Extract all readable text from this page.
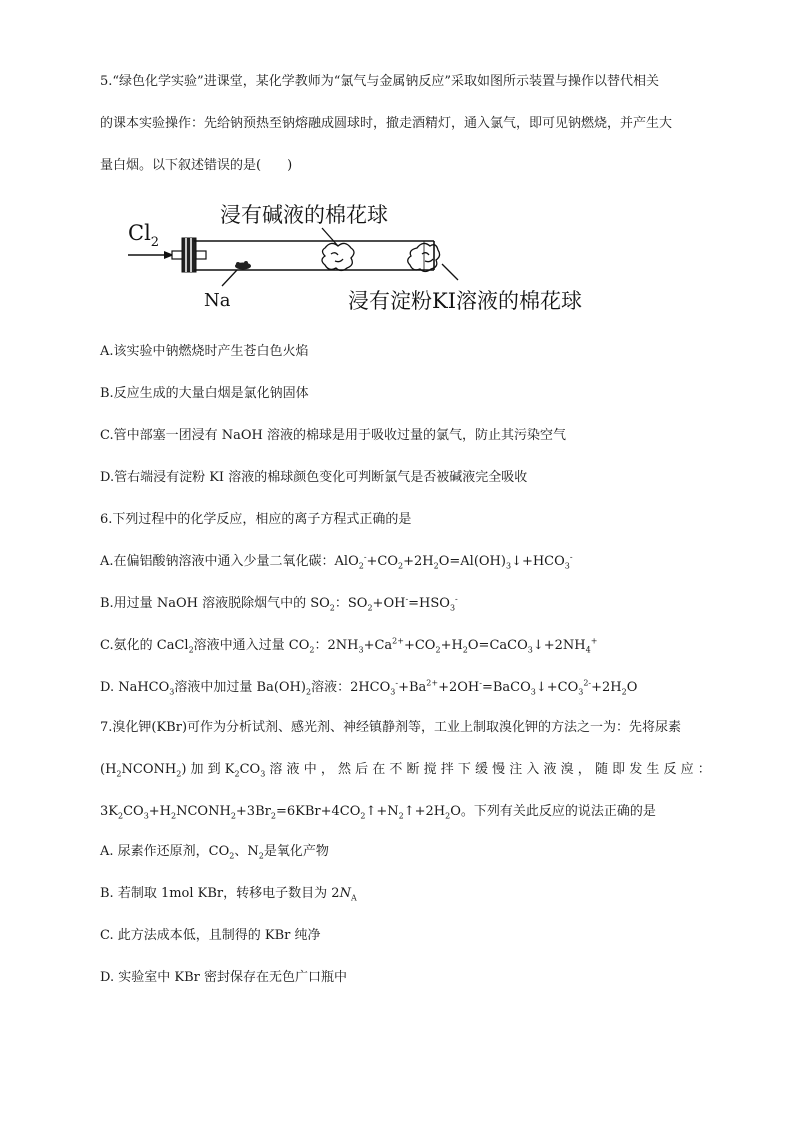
5.“绿色化学实验”进课堂，某化学教师为“氯气与金属钠反应”采取如图所示装置与操作以替代相关
的课本实验操作：先给钠预热至钠熔融成圆球时，撤走酒精灯，通入氯气，即可见钠燃烧，并产生大
量白烟。以下叙述错误的是(　　)
$Cl_2$
Na
浸有碱液的棉花球
浸有淀粉KI溶液的棉花球
A.该实验中钠燃烧时产生苍白色火焰
B.反应生成的大量白烟是氯化钠固体
C.管中部塞一团浸有 NaOH 溶液的棉球是用于吸收过量的氯气，防止其污染空气
D.管右端浸有淀粉 KI 溶液的棉球颜色变化可判断氯气是否被碱液完全吸收
6.下列过程中的化学反应，相应的离子方程式正确的是
A.在偏铝酸钠溶液中通入少量二氧化碳：$AlO_2^-+CO_2+2H_2O=Al(OH)_3↓+HCO_3^-$
B.用过量 NaOH 溶液脱除烟气中的 $SO_2$：$SO_2+OH^-=HSO_3^-$
C.氨化的 CaCl$_2$溶液中通入过量 $CO_2$：$2NH_3+Ca^{2+}+CO_2+H_2O=CaCO_3↓+2NH_4^+$
D. NaHCO$_3$溶液中加过量 $Ba(OH)_2$溶液：$2HCO_3^-+Ba^{2+}+2OH^-=BaCO_3↓+CO_3^{2-}+2H_2O$
7.溴化钾(KBr)可作为分析试剂、感光剂、神经镇静剂等，工业上制取溴化钾的方法之一为：先将尿素
$(H_2NCONH_2)$ 加 到 $K_2CO_3$ 溶 液 中 ， 然 后 在 不 断 搅 拌 下 缓 慢 注 入 液 溴 ， 随 即 发 生 反 应 ：
$3K_2CO_3+H_2NCONH_2+3Br_2=6KBr+4CO_2↑+N_2↑+2H_2O$。下列有关此反应的说法正确的是
A. 尿素作还原剂，$CO_2$、$N_2$是氧化产物
B. 若制取 1mol KBr，转移电子数目为 $2N_A$
C. 此方法成本低，且制得的 KBr 纯净
D. 实验室中 KBr 密封保存在无色广口瓶中
